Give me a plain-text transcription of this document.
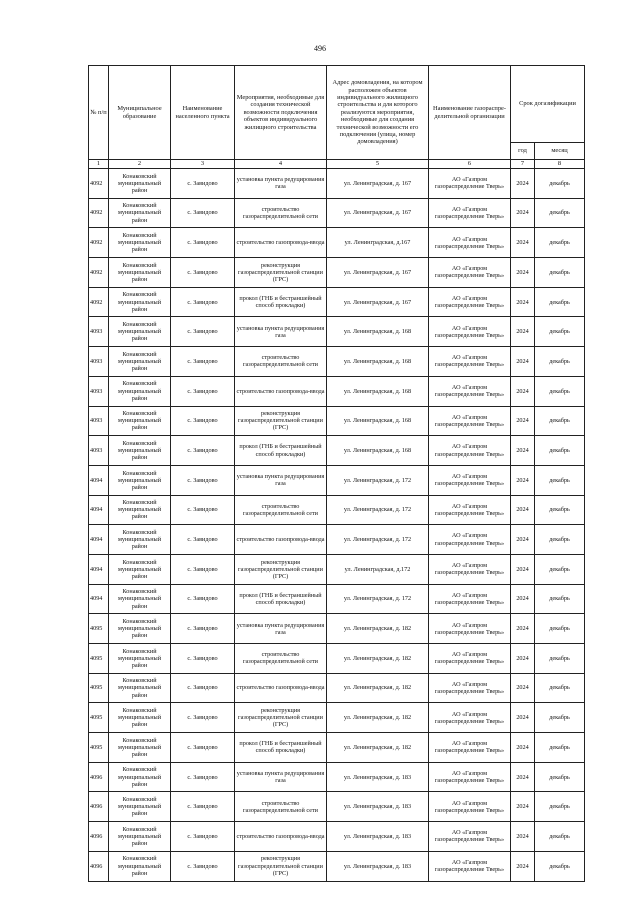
496
№ п/п	Муниципальное образование	Наименование населенного пункта	Мероприятия, необходимые для создания технической возможности подключения объектов индивидуального жилищного строительства	Адрес домовладения, на котором расположен объектов индивидуального жилищного строительства и для которого реализуются мероприятия, необходимые для создания технической возможности его подключения (улица, номер домовладения)	Наименование газораспре-делительной организации	Срок догазификации	
						год	месяц
1	2	3	4	5	6	7	8
4092	Конаковский муниципальный район	с. Завидово	установка пункта редуцирования газа	ул. Ленинградская, д. 167	АО «Газпром газораспределение Тверь»	2024	декабрь
4092	Конаковский муниципальный район	с. Завидово	строительство газораспределительной сети	ул. Ленинградская, д. 167	АО «Газпром газораспределение Тверь»	2024	декабрь
4092	Конаковский муниципальный район	с. Завидово	строительство газопровода-ввода	ул. Ленинградская, д.167	АО «Газпром газораспределение Тверь»	2024	декабрь
4092	Конаковский муниципальный район	с. Завидово	реконструкция газораспределительной станции (ГРС)	ул. Ленинградская, д. 167	АО «Газпром газораспределение Тверь»	2024	декабрь
4092	Конаковский муниципальный район	с. Завидово	прокол (ГНБ и бестраншейный способ прокладки)	ул. Ленинградская, д. 167	АО «Газпром газораспределение Тверь»	2024	декабрь
4093	Конаковский муниципальный район	с. Завидово	установка пункта редуцирования газа	ул. Ленинградская, д. 168	АО «Газпром газораспределение Тверь»	2024	декабрь
4093	Конаковский муниципальный район	с. Завидово	строительство газораспределительной сети	ул. Ленинградская, д. 168	АО «Газпром газораспределение Тверь»	2024	декабрь
4093	Конаковский муниципальный район	с. Завидово	строительство газопровода-ввода	ул. Ленинградская, д. 168	АО «Газпром газораспределение Тверь»	2024	декабрь
4093	Конаковский муниципальный район	с. Завидово	реконструкция газораспределительной станции (ГРС)	ул. Ленинградская, д. 168	АО «Газпром газораспределение Тверь»	2024	декабрь
4093	Конаковский муниципальный район	с. Завидово	прокол (ГНБ и бестраншейный способ прокладки)	ул. Ленинградская, д. 168	АО «Газпром газораспределение Тверь»	2024	декабрь
4094	Конаковский муниципальный район	с. Завидово	установка пункта редуцирования газа	ул. Ленинградская, д. 172	АО «Газпром газораспределение Тверь»	2024	декабрь
4094	Конаковский муниципальный район	с. Завидово	строительство газораспределительной сети	ул. Ленинградская, д. 172	АО «Газпром газораспределение Тверь»	2024	декабрь
4094	Конаковский муниципальный район	с. Завидово	строительство газопровода-ввода	ул. Ленинградская, д. 172	АО «Газпром газораспределение Тверь»	2024	декабрь
4094	Конаковский муниципальный район	с. Завидово	реконструкция газораспределительной станции (ГРС)	ул. Ленинградская, д.172	АО «Газпром газораспределение Тверь»	2024	декабрь
4094	Конаковский муниципальный район	с. Завидово	прокол (ГНБ и бестраншейный способ прокладки)	ул. Ленинградская, д. 172	АО «Газпром газораспределение Тверь»	2024	декабрь
4095	Конаковский муниципальный район	с. Завидово	установка пункта редуцирования газа	ул. Ленинградская, д. 182	АО «Газпром газораспределение Тверь»	2024	декабрь
4095	Конаковский муниципальный район	с. Завидово	строительство газораспределительной сети	ул. Ленинградская, д. 182	АО «Газпром газораспределение Тверь»	2024	декабрь
4095	Конаковский муниципальный район	с. Завидово	строительство газопровода-ввода	ул. Ленинградская, д. 182	АО «Газпром газораспределение Тверь»	2024	декабрь
4095	Конаковский муниципальный район	с. Завидово	реконструкция газораспределительной станции (ГРС)	ул. Ленинградская, д. 182	АО «Газпром газораспределение Тверь»	2024	декабрь
4095	Конаковский муниципальный район	с. Завидово	прокол (ГНБ и бестраншейный способ прокладки)	ул. Ленинградская, д. 182	АО «Газпром газораспределение Тверь»	2024	декабрь
4096	Конаковский муниципальный район	с. Завидово	установка пункта редуцирования газа	ул. Ленинградская, д. 183	АО «Газпром газораспределение Тверь»	2024	декабрь
4096	Конаковский муниципальный район	с. Завидово	строительство газораспределительной сети	ул. Ленинградская, д. 183	АО «Газпром газораспределение Тверь»	2024	декабрь
4096	Конаковский муниципальный район	с. Завидово	строительство газопровода-ввода	ул. Ленинградская, д. 183	АО «Газпром газораспределение Тверь»	2024	декабрь
4096	Конаковский муниципальный район	с. Завидово	реконструкция газораспределительной станции (ГРС)	ул. Ленинградская, д. 183	АО «Газпром газораспределение Тверь»	2024	декабрь
